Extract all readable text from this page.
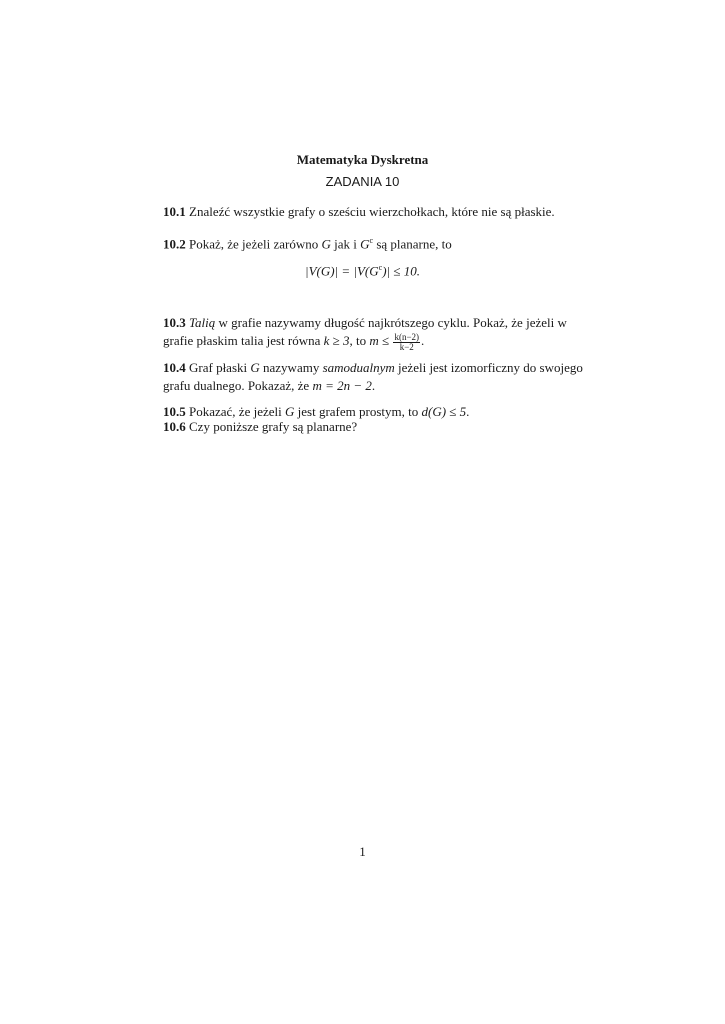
Matematyka Dyskretna
ZADANIA 10
10.1 Znaleźć wszystkie grafy o sześciu wierzchołkach, które nie są płaskie.
10.2 Pokaż, że jeżeli zarówno G jak i $G^c$ są planarne, to
$|V(G)| = |V(G^c)| \le 10$.
10.3 Talią w grafie nazywamy długość najkrótszego cyklu. Pokaż, że jeżeli w
grafie płaskim talia jest równa k ≥ 3, to $m \le \frac{k(n-2)}{k-2}$ .
10.4 Graf płaski G nazywamy samodualnym jeżeli jest izomorficzny do swojego
grafu dualnego. Pokazaż, że m = 2n − 2.
10.5 Pokazać, że jeżeli G jest grafem prostym, to d(G) ≤ 5.
10.6 Czy poniższe grafy są planarne?
1
